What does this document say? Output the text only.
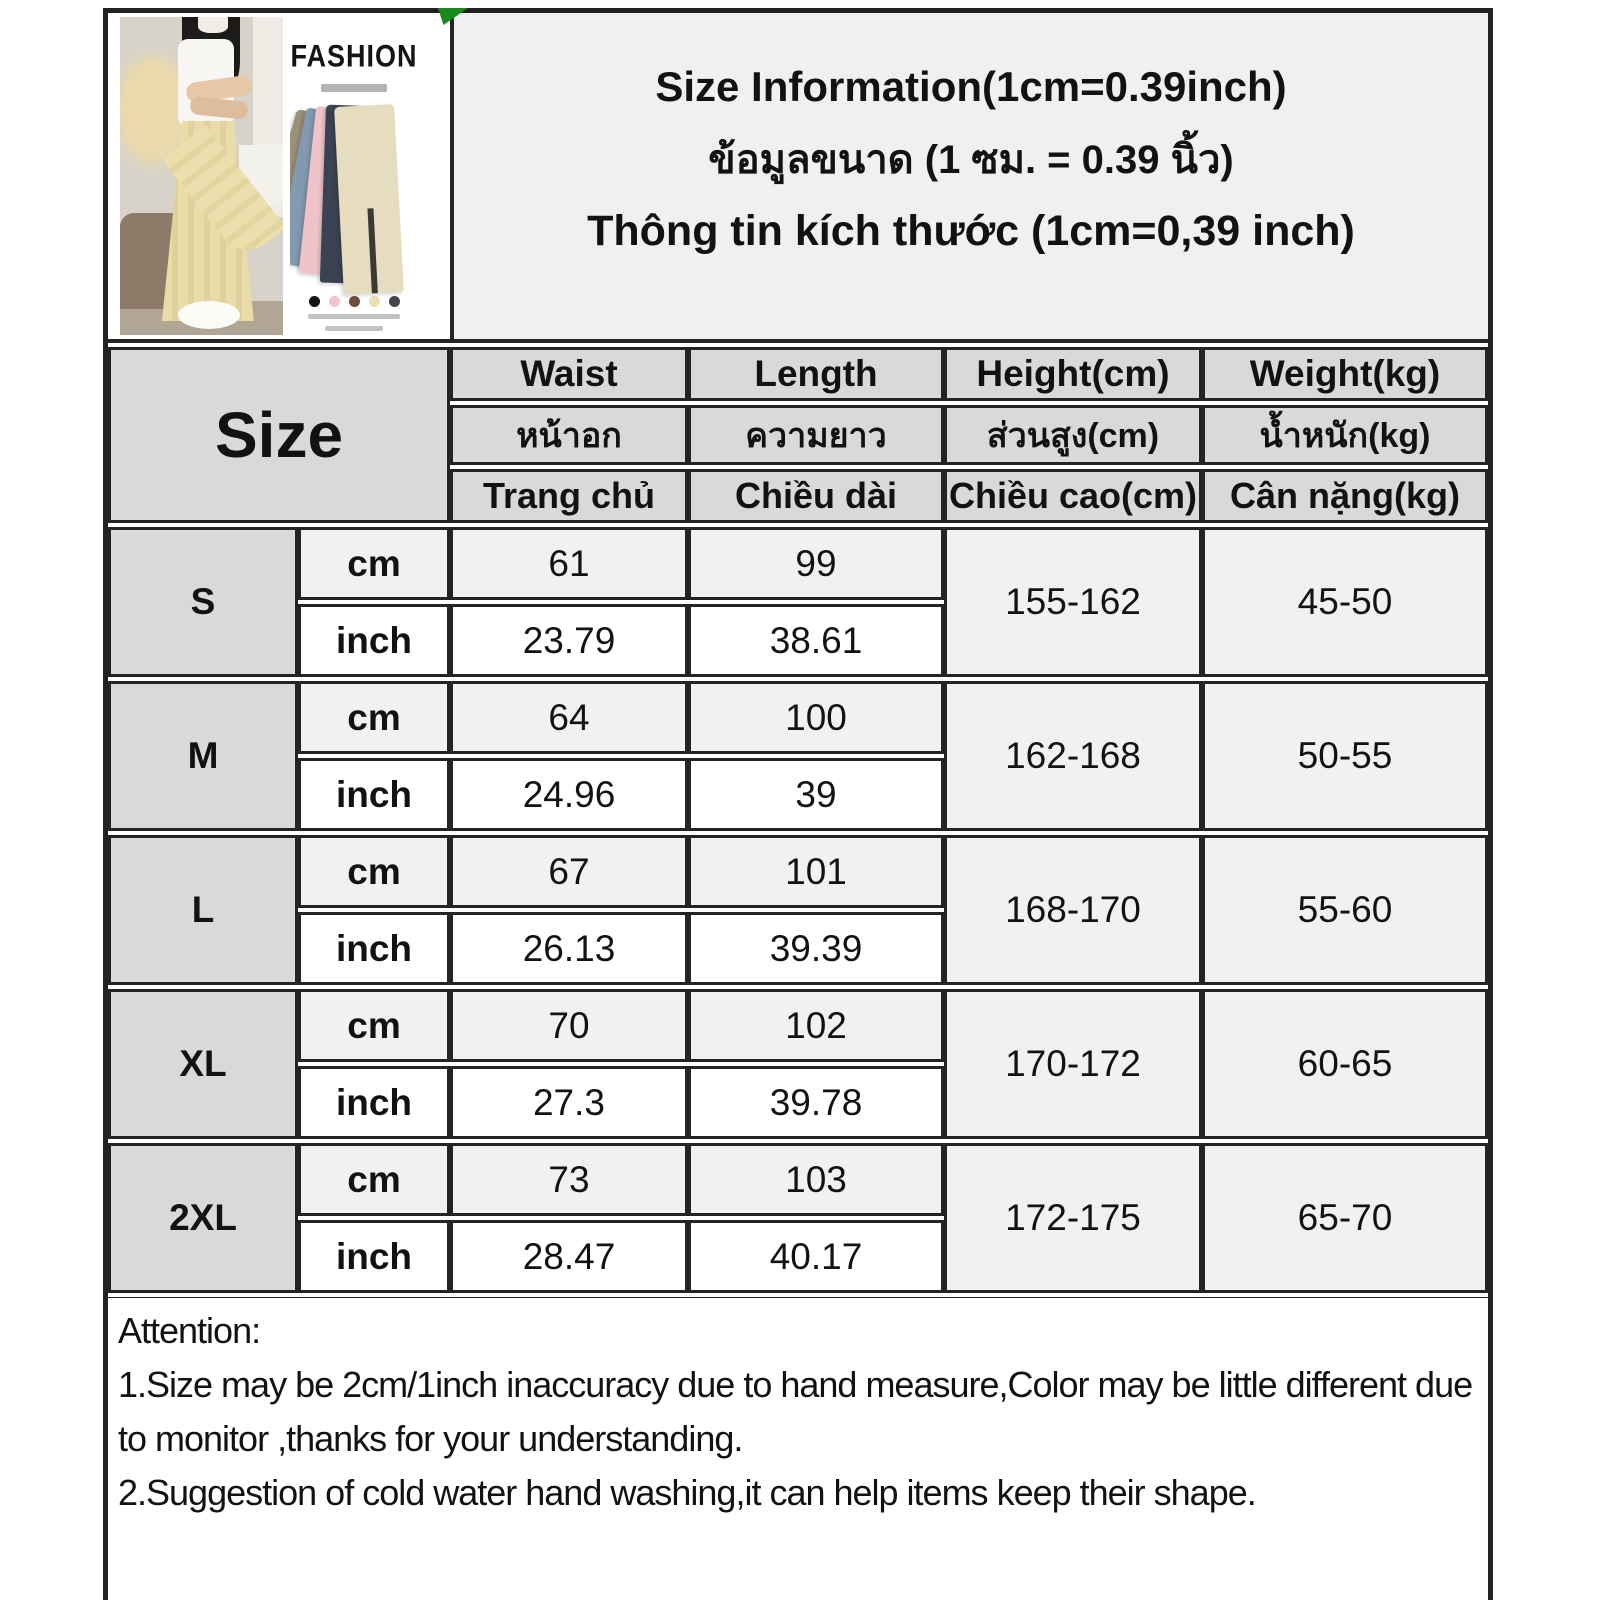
FASHION
Size Information(1cm=0.39inch)
ข้อมูลขนาด (1 ซม. = 0.39 นิ้ว)
Thông tin kích thước (1cm=0,39 inch)
Size		Waist	Length	Height(cm)	Weight(kg)
		หน้าอก	ความยาว	ส่วนสูง(cm)	น้ำหนัก(kg)
		Trang chủ	Chiều dài	Chiều cao(cm)	Cân nặng(kg)
S	cm	61	99	155-162	45-50
	inch	23.79	38.61		
M	cm	64	100	162-168	50-55
	inch	24.96	39		
L	cm	67	101	168-170	55-60
	inch	26.13	39.39		
XL	cm	70	102	170-172	60-65
	inch	27.3	39.78		
2XL	cm	73	103	172-175	65-70
	inch	28.47	40.17		
Attention:
1.Size may be 2cm/1inch inaccuracy due to hand measure,Color may be little different due to monitor ,thanks for your understanding.
2.Suggestion of cold water hand washing,it can help items keep their shape.
